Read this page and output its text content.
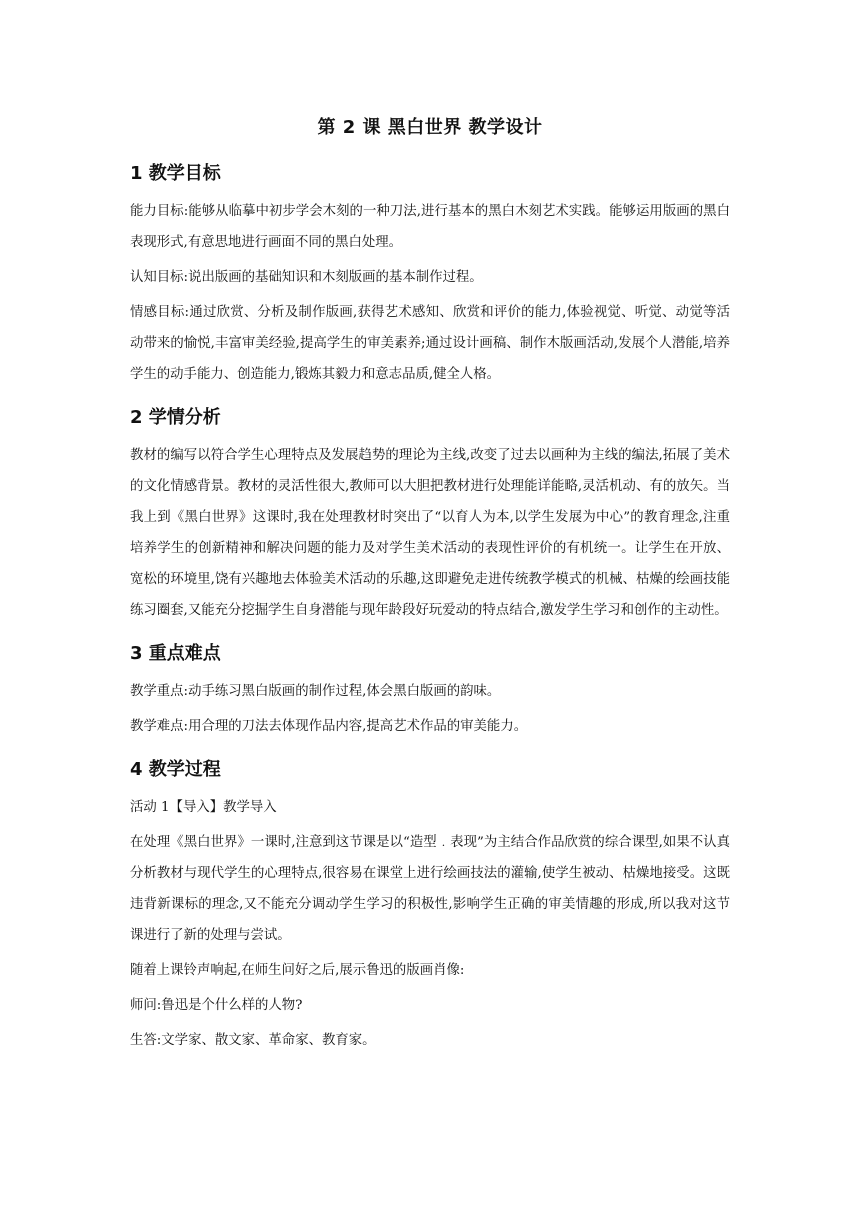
第 2 课 黑白世界 教学设计
1 教学目标

能力目标:能够从临摹中初步学会木刻的一种刀法,进行基本的黑白木刻艺术实践。能够运用版画的黑白表现形式,有意思地进行画面不同的黑白处理。

认知目标:说出版画的基础知识和木刻版画的基本制作过程。

情感目标:通过欣赏、分析及制作版画,获得艺术感知、欣赏和评价的能力,体验视觉、听觉、动觉等活动带来的愉悦,丰富审美经验,提高学生的审美素养;通过设计画稿、制作木版画活动,发展个人潜能,培养学生的动手能力、创造能力,锻炼其毅力和意志品质,健全人格。

2 学情分析

教材的编写以符合学生心理特点及发展趋势的理论为主线,改变了过去以画种为主线的编法,拓展了美术的文化情感背景。教材的灵活性很大,教师可以大胆把教材进行处理能详能略,灵活机动、有的放矢。当我上到《黑白世界》这课时,我在处理教材时突出了“以育人为本,以学生发展为中心”的教育理念,注重培养学生的创新精神和解决问题的能力及对学生美术活动的表现性评价的有机统一。让学生在开放、宽松的环境里,饶有兴趣地去体验美术活动的乐趣,这即避免走进传统教学模式的机械、枯燥的绘画技能练习圈套,又能充分挖掘学生自身潜能与现年龄段好玩爱动的特点结合,激发学生学习和创作的主动性。

3 重点难点

教学重点:动手练习黑白版画的制作过程,体会黑白版画的韵味。

教学难点:用合理的刀法去体现作品内容,提高艺术作品的审美能力。

4 教学过程
活动 1【导入】教学导入

在处理《黑白世界》一课时,注意到这节课是以“造型﹒表现”为主结合作品欣赏的综合课型,如果不认真分析教材与现代学生的心理特点,很容易在课堂上进行绘画技法的灌输,使学生被动、枯燥地接受。这既违背新课标的理念,又不能充分调动学生学习的积极性,影响学生正确的审美情趣的形成,所以我对这节课进行了新的处理与尝试。

随着上课铃声响起,在师生问好之后,展示鲁迅的版画肖像:

师问:鲁迅是个什么样的人物?

生答:文学家、散文家、革命家、教育家。
